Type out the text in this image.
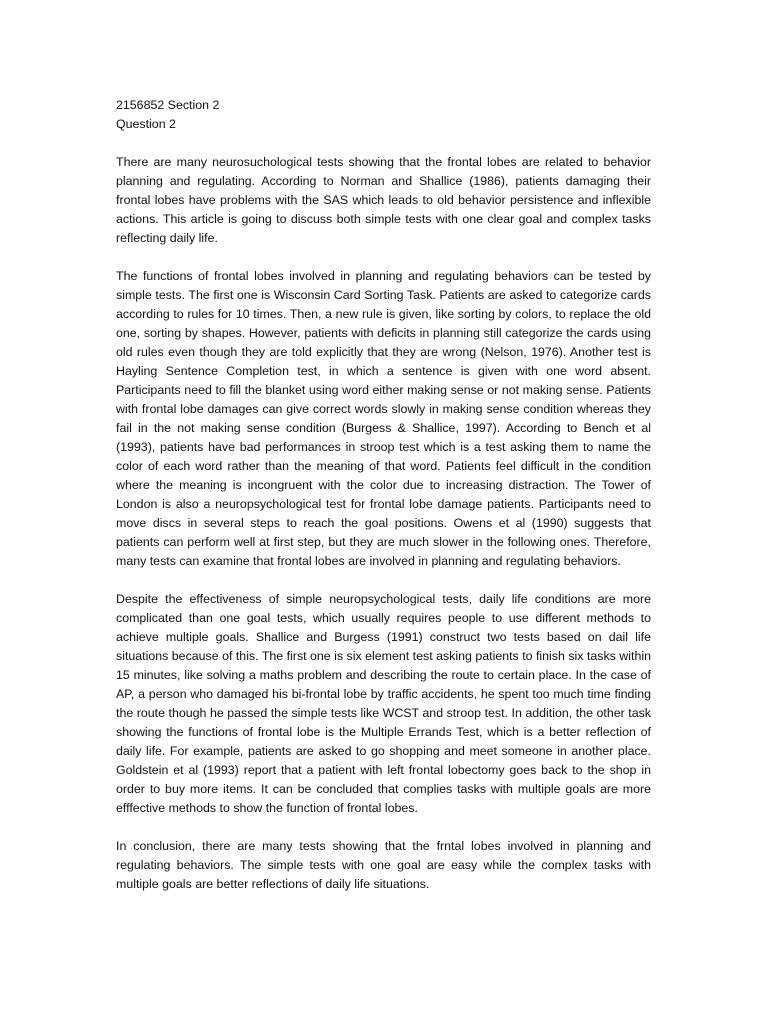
2156852 Section 2

Question 2

There are many neurosuchological tests showing that the frontal lobes are related to behavior planning and regulating. According to Norman and Shallice (1986), patients damaging their frontal lobes have problems with the SAS which leads to old behavior persistence and inflexible actions. This article is going to discuss both simple tests with one clear goal and complex tasks reflecting daily life.

The functions of frontal lobes involved in planning and regulating behaviors can be tested by simple tests. The first one is Wisconsin Card Sorting Task. Patients are asked to categorize cards according to rules for 10 times. Then, a new rule is given, like sorting by colors, to replace the old one, sorting by shapes. However, patients with deficits in planning still categorize the cards using old rules even though they are told explicitly that they are wrong (Nelson, 1976). Another test is Hayling Sentence Completion test, in which a sentence is given with one word absent. Participants need to fill the blanket using word either making sense or not making sense. Patients with frontal lobe damages can give correct words slowly in making sense condition whereas they fail in the not making sense condition (Burgess & Shallice, 1997). According to Bench et al (1993), patients have bad performances in stroop test which is a test asking them to name the color of each word rather than the meaning of that word. Patients feel difficult in the condition where the meaning is incongruent with the color due to increasing distraction. The Tower of London is also a neuropsychological test for frontal lobe damage patients. Participants need to move discs in several steps to reach the goal positions. Owens et al (1990) suggests that patients can perform well at first step, but they are much slower in the following ones. Therefore, many tests can examine that frontal lobes are involved in planning and regulating behaviors.

Despite the effectiveness of simple neuropsychological tests, daily life conditions are more complicated than one goal tests, which usually requires people to use different methods to achieve multiple goals. Shallice and Burgess (1991) construct two tests based on dail life situations because of this. The first one is six element test asking patients to finish six tasks within 15 minutes, like solving a maths problem and describing the route to certain place. In the case of AP, a person who damaged his bi-frontal lobe by traffic accidents, he spent too much time finding the route though he passed the simple tests like WCST and stroop test. In addition, the other task showing the functions of frontal lobe is the Multiple Errands Test, which is a better reflection of daily life. For example, patients are asked to go shopping and meet someone in another place. Goldstein et al (1993) report that a patient with left frontal lobectomy goes back to the shop in order to buy more items. It can be concluded that complies tasks with multiple goals are more efffective methods to show the function of frontal lobes.

In conclusion, there are many tests showing that the frntal lobes involved in planning and regulating behaviors. The simple tests with one goal are easy while the complex tasks with multiple goals are better reflections of daily life situations.
